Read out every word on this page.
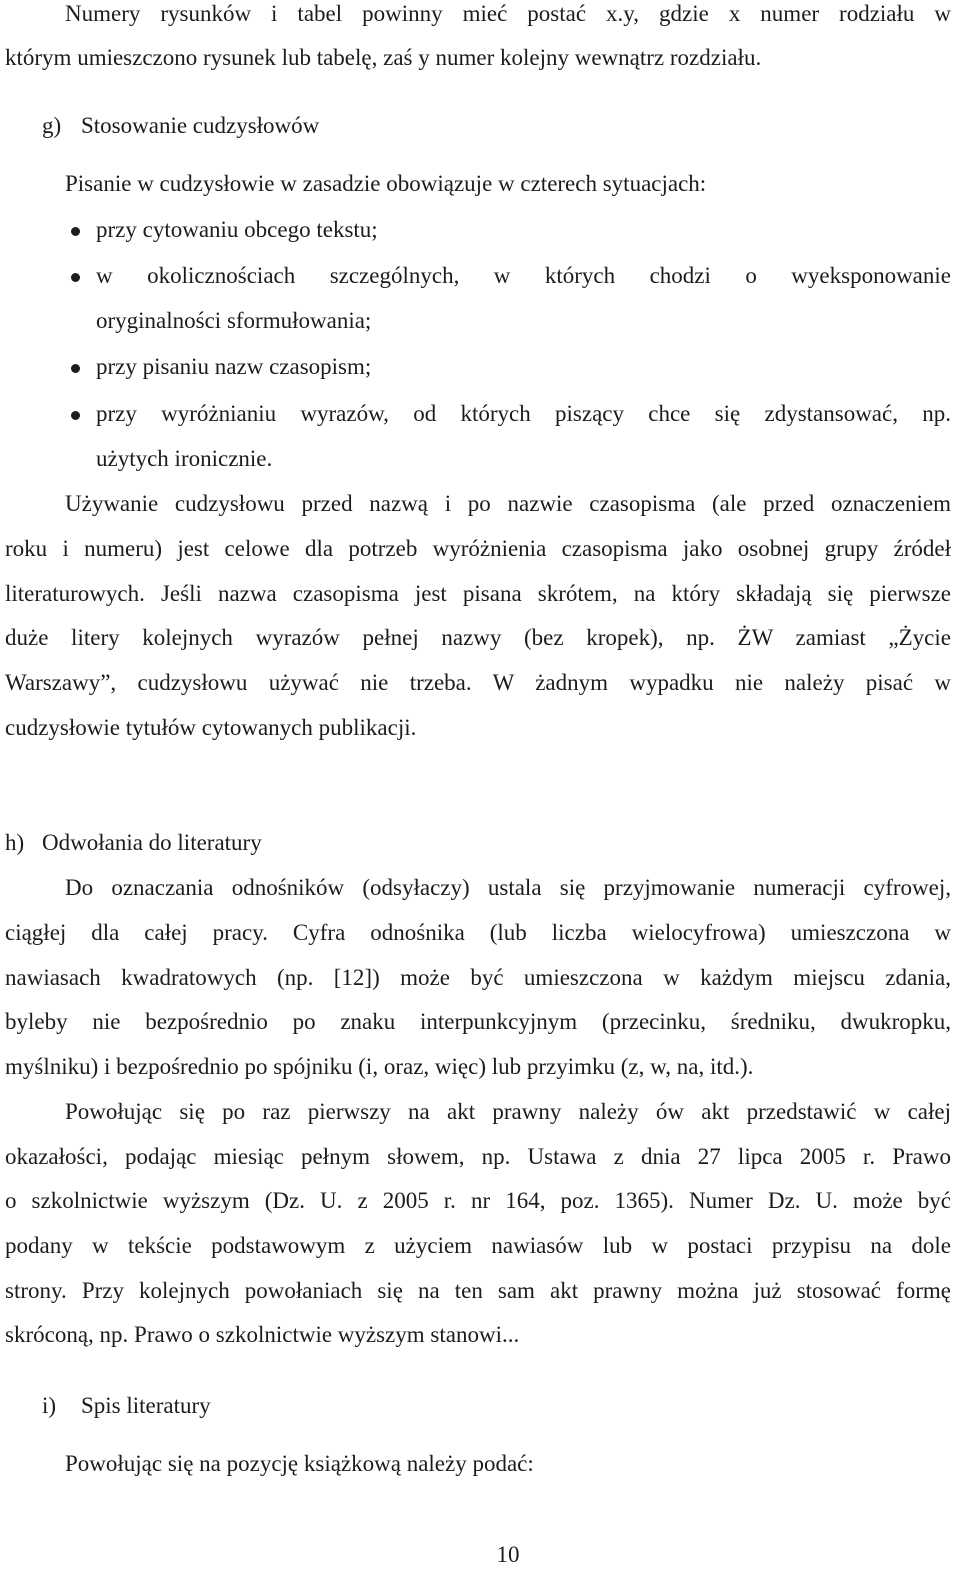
Numery rysunków i tabel powinny mieć postać x.y, gdzie x numer rodziału w
którym umieszczono rysunek lub tabelę, zaś y numer kolejny wewnątrz rozdziału.
g) Stosowanie cudzysłowów
Pisanie w cudzysłowie w zasadzie obowiązuje w czterech sytuacjach:
przy cytowaniu obcego tekstu;
w okolicznościach szczególnych, w których chodzi o wyeksponowanie
oryginalności sformułowania;
przy pisaniu nazw czasopism;
przy wyróżnianiu wyrazów, od których piszący chce się zdystansować, np.
użytych ironicznie.
Używanie cudzysłowu przed nazwą i po nazwie czasopisma (ale przed oznaczeniem
roku i numeru) jest celowe dla potrzeb wyróżnienia czasopisma jako osobnej grupy źródeł
literaturowych. Jeśli nazwa czasopisma jest pisana skrótem, na który składają się pierwsze
duże litery kolejnych wyrazów pełnej nazwy (bez kropek), np. ŻW zamiast „Życie
Warszawy”, cudzysłowu używać nie trzeba. W żadnym wypadku nie należy pisać w
cudzysłowie tytułów cytowanych publikacji.
h) Odwołania do literatury
Do oznaczania odnośników (odsyłaczy) ustala się przyjmowanie numeracji cyfrowej,
ciągłej dla całej pracy. Cyfra odnośnika (lub liczba wielocyfrowa) umieszczona w
nawiasach kwadratowych (np. [12]) może być umieszczona w każdym miejscu zdania,
byleby nie bezpośrednio po znaku interpunkcyjnym (przecinku, średniku, dwukropku,
myślniku) i bezpośrednio po spójniku (i, oraz, więc) lub przyimku (z, w, na, itd.).
Powołując się po raz pierwszy na akt prawny należy ów akt przedstawić w całej
okazałości, podając miesiąc pełnym słowem, np. Ustawa z dnia 27 lipca 2005 r. Prawo
o szkolnictwie wyższym (Dz. U. z 2005 r. nr 164, poz. 1365). Numer Dz. U. może być
podany w tekście podstawowym z użyciem nawiasów lub w postaci przypisu na dole
strony. Przy kolejnych powołaniach się na ten sam akt prawny można już stosować formę
skróconą, np. Prawo o szkolnictwie wyższym stanowi...
i) Spis literatury
Powołując się na pozycję książkową należy podać:
10
